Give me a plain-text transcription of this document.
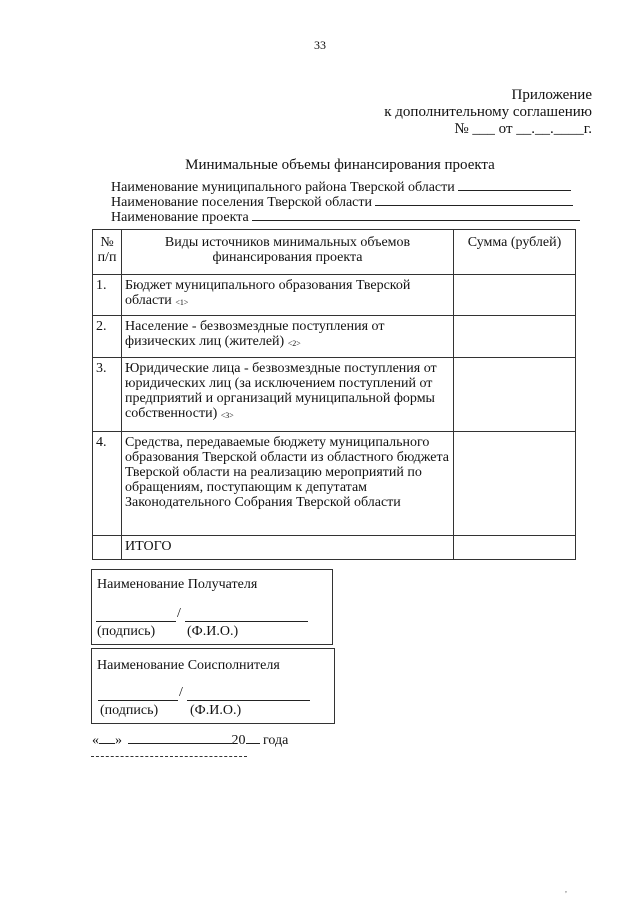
33
Приложение
к дополнительному соглашению
№ ___ от __.__.____г.
Минимальные объемы финансирования проекта
Наименование муниципального района Тверской области
Наименование поселения Тверской области
Наименование проекта
№ п/п	Виды источников минимальных объемов финансирования проекта	Сумма (рублей)
1.	Бюджет муниципального образования Тверской области <1>	
2.	Население - безвозмездные поступления от физических лиц (жителей) <2>	
3.	Юридические лица - безвозмездные поступления от юридических лиц (за исключением поступлений от предприятий и организаций муниципальной формы собственности) <3>	
4.	Средства, передаваемые бюджету муниципального образования Тверской области из областного бюджета Тверской области на реализацию мероприятий по обращениям, поступающим к депутатам Законодательного Собрания Тверской области	
	ИТОГО	
Наименование Получателя
/
(подпись) (Ф.И.О.)
Наименование Соисполнителя
/
(подпись) (Ф.И.О.)
« »	20 года
,
